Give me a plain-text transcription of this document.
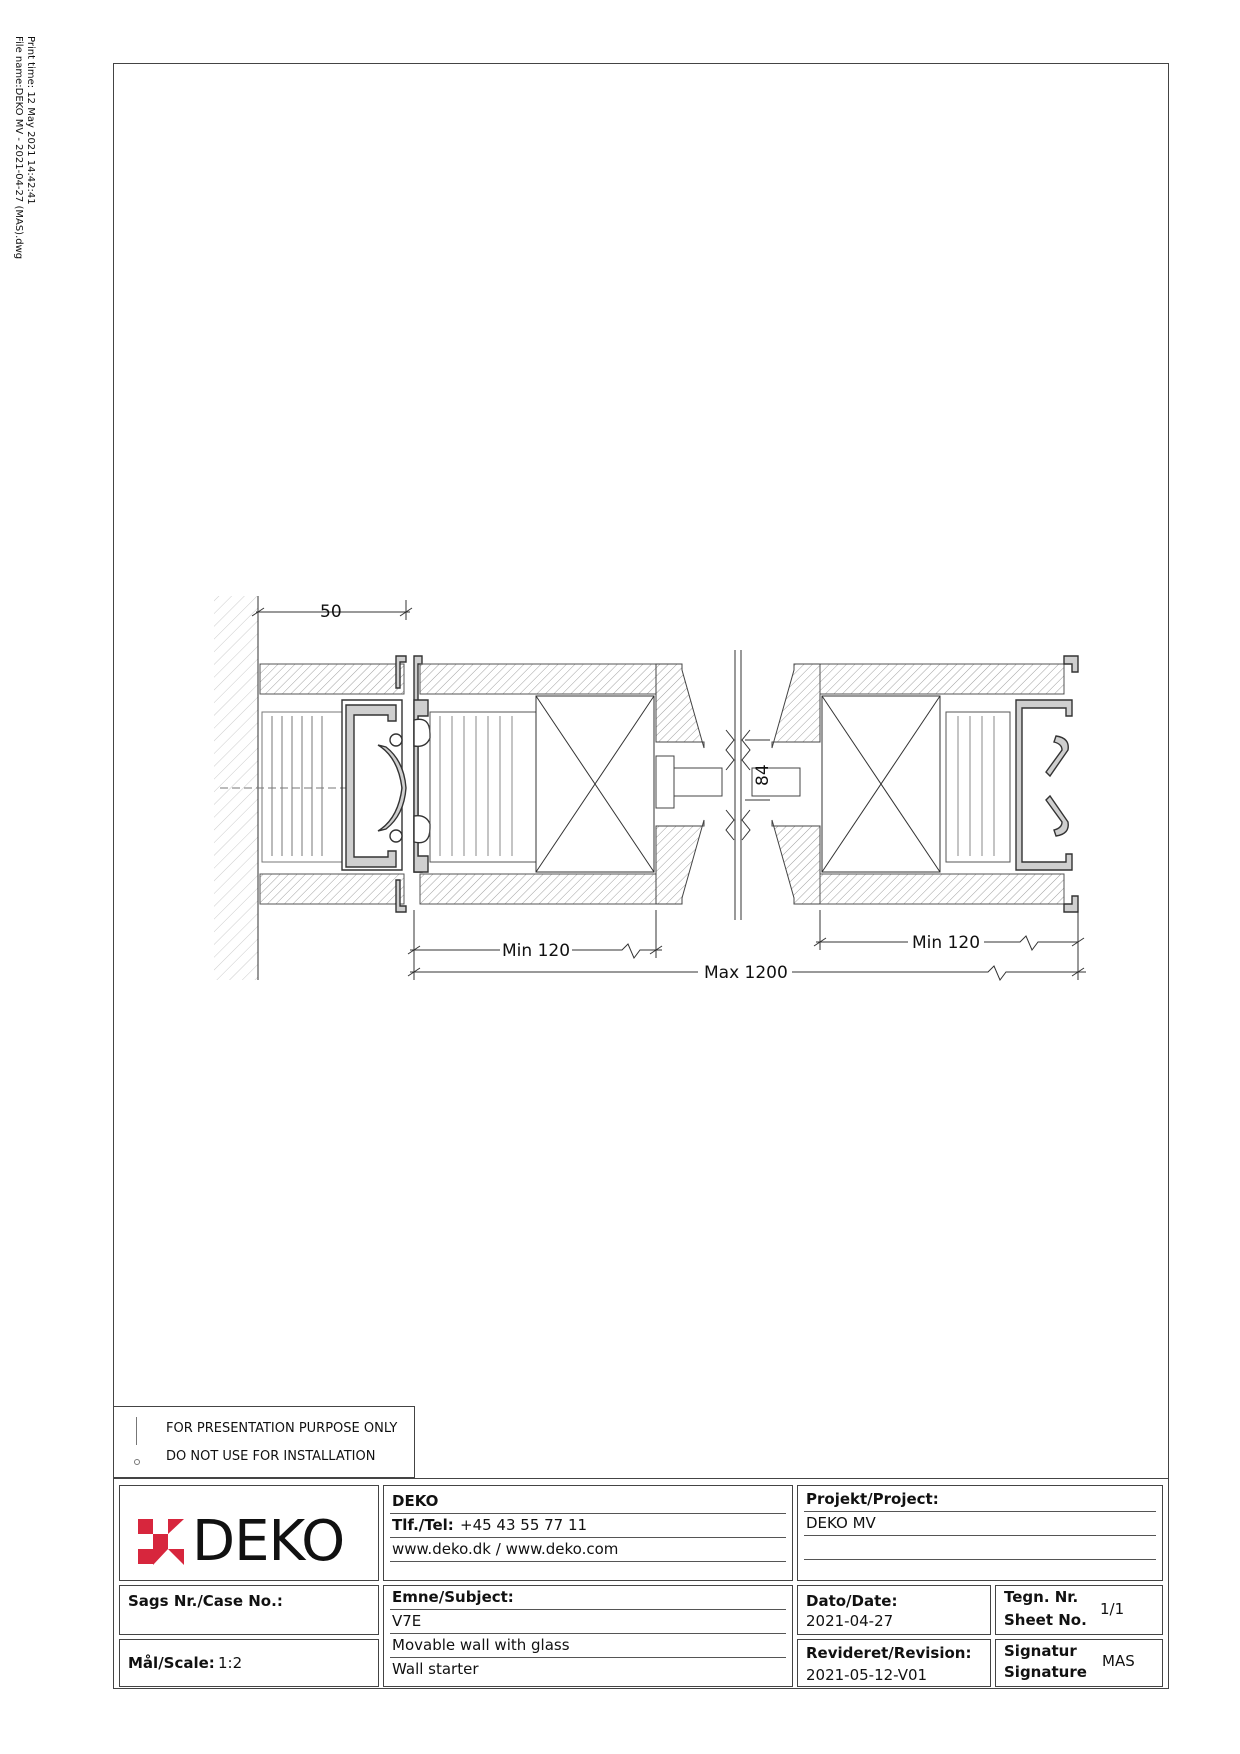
Print time: 12 May 2021 14:42:41
File name:DEKO MV - 2021-04-27 (MAS).dwg
50
Min 120	Min 120
Max 1200
84
FOR PRESENTATION PURPOSE ONLY
DO NOT USE FOR INSTALLATION
DEKO
DEKO
Tlf./Tel: +45 43 55 77 11
www.deko.dk / www.deko.com
Projekt/Project:
DEKO MV
Sags Nr./Case No.:	Emne/Subject:
V7E
Movable wall with glass
Wall starter
Dato/Date:
2021-04-27
Tegn. Nr.
Sheet No.
1/1
Mål/Scale: 1:2
Revideret/Revision:
2021-05-12-V01
Signatur
Signature
MAS
